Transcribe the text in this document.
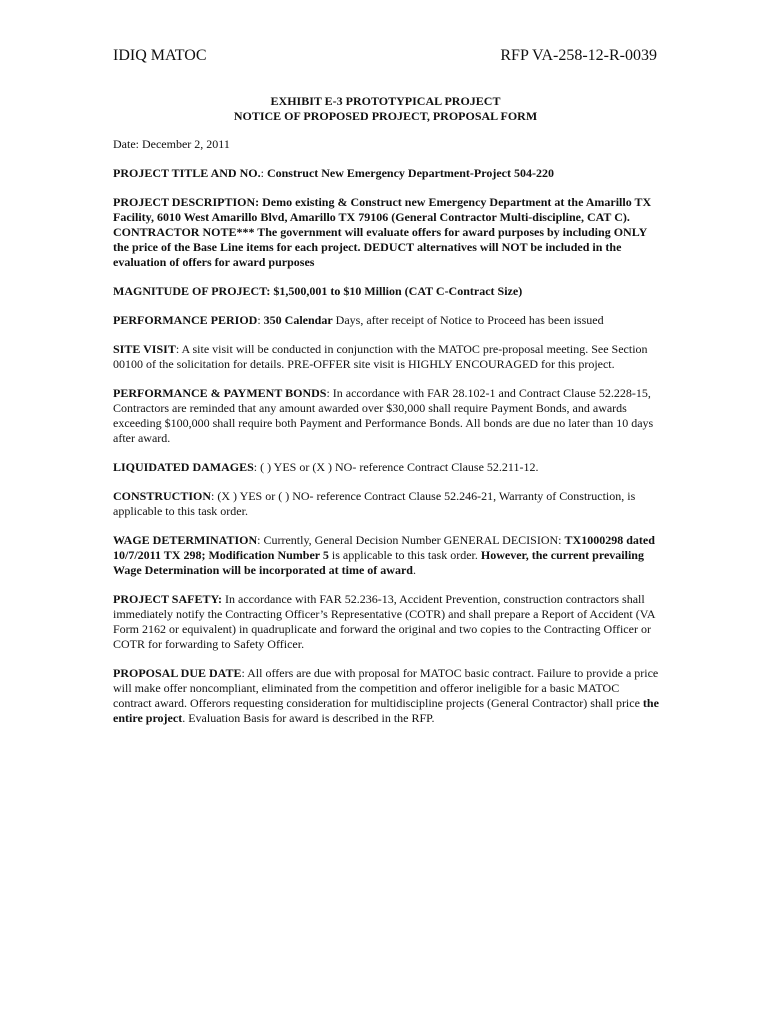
IDIQ MATOC	RFP VA-258-12-R-0039
EXHIBIT E-3 PROTOTYPICAL PROJECT
NOTICE OF PROPOSED PROJECT, PROPOSAL FORM

Date: December 2, 2011

PROJECT TITLE AND NO.: Construct New Emergency Department-Project 504-220

PROJECT DESCRIPTION: Demo existing & Construct new Emergency Department at the Amarillo TX Facility, 6010 West Amarillo Blvd, Amarillo TX 79106 (General Contractor Multi-discipline, CAT C). CONTRACTOR NOTE*** The government will evaluate offers for award purposes by including ONLY the price of the Base Line items for each project. DEDUCT alternatives will NOT be included in the evaluation of offers for award purposes

MAGNITUDE OF PROJECT: $1,500,001 to $10 Million (CAT C-Contract Size)

PERFORMANCE PERIOD: 350 Calendar Days, after receipt of Notice to Proceed has been issued

SITE VISIT: A site visit will be conducted in conjunction with the MATOC pre-proposal meeting. See Section 00100 of the solicitation for details. PRE-OFFER site visit is HIGHLY ENCOURAGED for this project.

PERFORMANCE & PAYMENT BONDS: In accordance with FAR 28.102-1 and Contract Clause 52.228-15, Contractors are reminded that any amount awarded over $30,000 shall require Payment Bonds, and awards exceeding $100,000 shall require both Payment and Performance Bonds. All bonds are due no later than 10 days after award.

LIQUIDATED DAMAGES: ( ) YES or (X ) NO- reference Contract Clause 52.211-12.

CONSTRUCTION: (X ) YES or ( ) NO- reference Contract Clause 52.246-21, Warranty of Construction, is applicable to this task order.

WAGE DETERMINATION: Currently, General Decision Number GENERAL DECISION: TX1000298 dated 10/7/2011 TX 298; Modification Number 5 is applicable to this task order. However, the current prevailing Wage Determination will be incorporated at time of award.

PROJECT SAFETY: In accordance with FAR 52.236-13, Accident Prevention, construction contractors shall immediately notify the Contracting Officer’s Representative (COTR) and shall prepare a Report of Accident (VA Form 2162 or equivalent) in quadruplicate and forward the original and two copies to the Contracting Officer or COTR for forwarding to Safety Officer.

PROPOSAL DUE DATE: All offers are due with proposal for MATOC basic contract. Failure to provide a price will make offer noncompliant, eliminated from the competition and offeror ineligible for a basic MATOC contract award. Offerors requesting consideration for multidiscipline projects (General Contractor) shall price the entire project. Evaluation Basis for award is described in the RFP.
